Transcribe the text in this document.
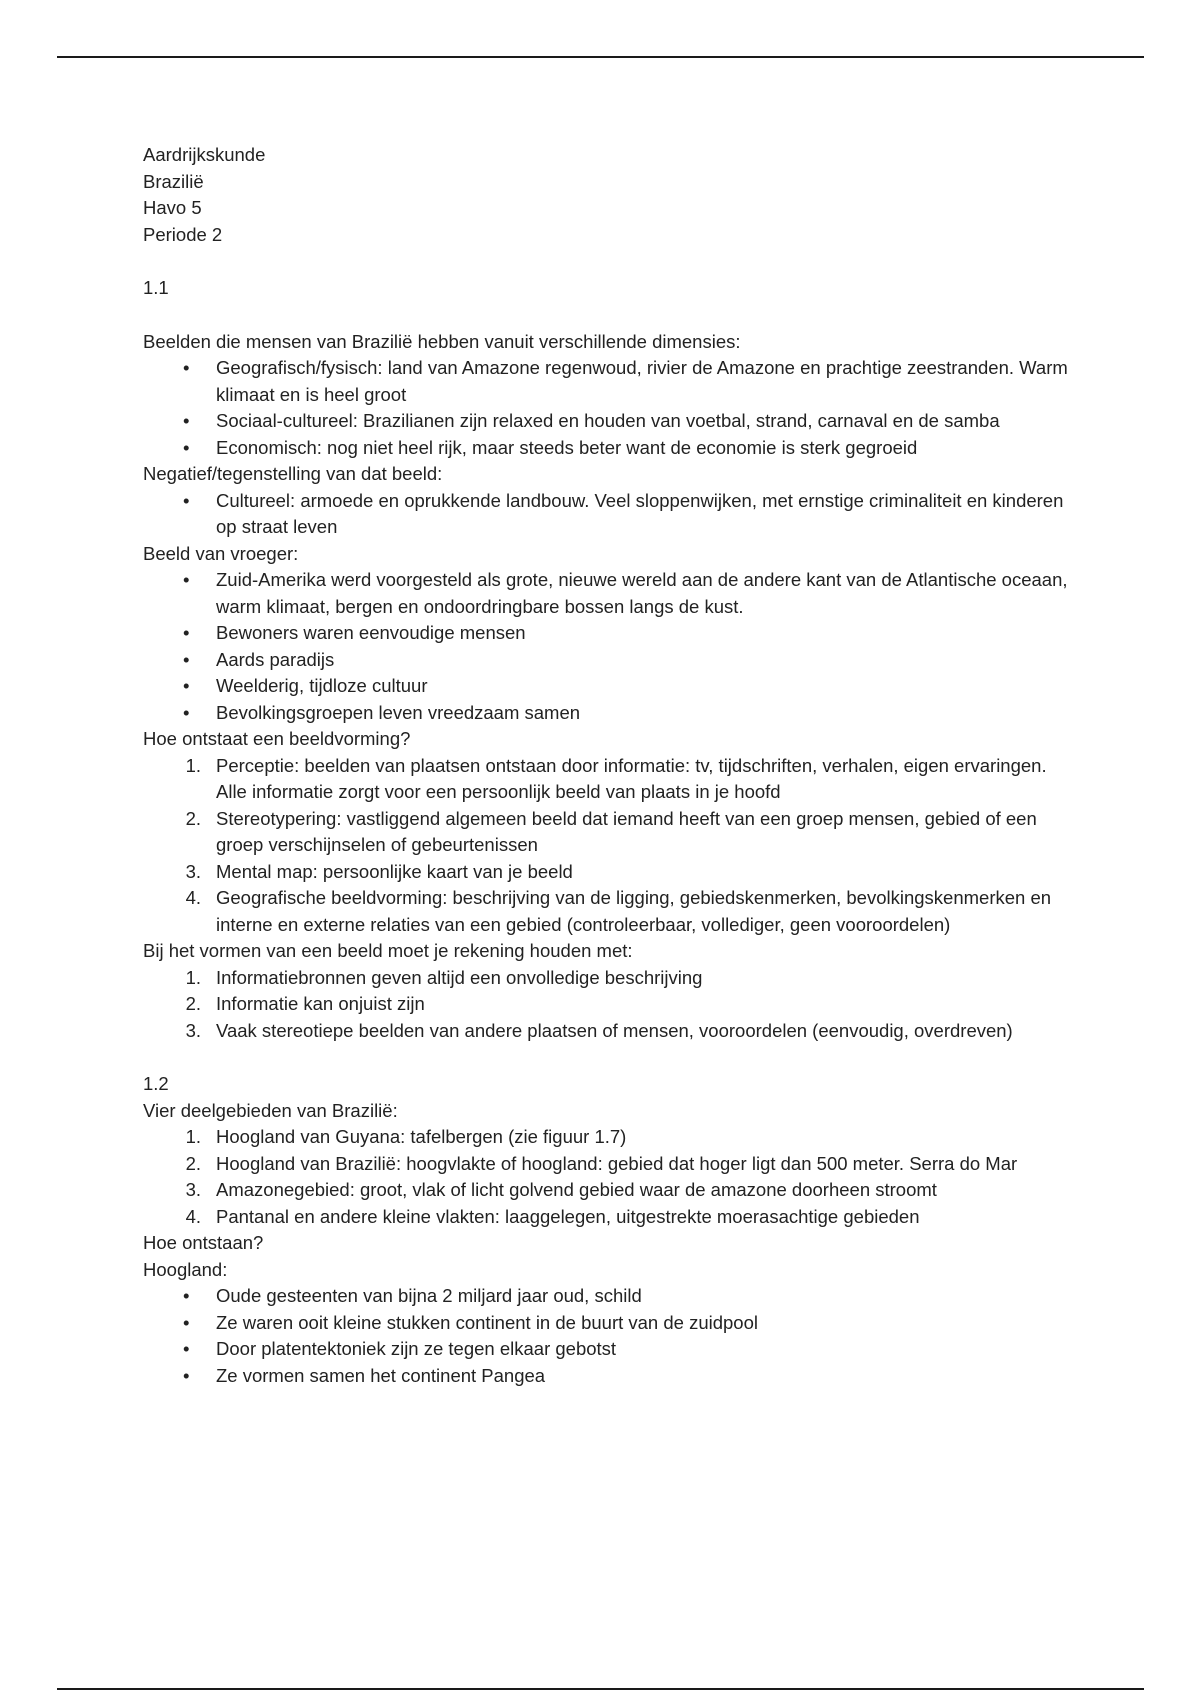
Aardrijkskunde

Brazilië

Havo 5

Periode 2

1.1

Beelden die mensen van Brazilië hebben vanuit verschillende dimensies:

•	Geografisch/fysisch: land van Amazone regenwoud, rivier de Amazone en prachtige zeestranden. Warm klimaat en is heel groot
•	Sociaal-cultureel: Brazilianen zijn relaxed en houden van voetbal, strand, carnaval en de samba
•	Economisch: nog niet heel rijk, maar steeds beter want de economie is sterk gegroeid

Negatief/tegenstelling van dat beeld:

•	Cultureel: armoede en oprukkende landbouw. Veel sloppenwijken, met ernstige criminaliteit en kinderen op straat leven

Beeld van vroeger:

•	Zuid-Amerika werd voorgesteld als grote, nieuwe wereld aan de andere kant van de Atlantische oceaan, warm klimaat, bergen en ondoordringbare bossen langs de kust.
•	Bewoners waren eenvoudige mensen
•	Aards paradijs
•	Weelderig, tijdloze cultuur
•	Bevolkingsgroepen leven vreedzaam samen

Hoe ontstaat een beeldvorming?

1. Perceptie: beelden van plaatsen ontstaan door informatie: tv, tijdschriften, verhalen, eigen ervaringen. Alle informatie zorgt voor een persoonlijk beeld van plaats in je hoofd
2. Stereotypering: vastliggend algemeen beeld dat iemand heeft van een groep mensen, gebied of een groep verschijnselen of gebeurtenissen
3. Mental map: persoonlijke kaart van je beeld
4. Geografische beeldvorming: beschrijving van de ligging, gebiedskenmerken, bevolkingskenmerken en interne en externe relaties van een gebied (controleerbaar, vollediger, geen vooroordelen)

Bij het vormen van een beeld moet je rekening houden met:

1. Informatiebronnen geven altijd een onvolledige beschrijving
2. Informatie kan onjuist zijn
3. Vaak stereotiepe beelden van andere plaatsen of mensen, vooroordelen (eenvoudig, overdreven)

1.2

Vier deelgebieden van Brazilië:

1. Hoogland van Guyana: tafelbergen (zie figuur 1.7)
2. Hoogland van Brazilië: hoogvlakte of hoogland: gebied dat hoger ligt dan 500 meter. Serra do Mar
3. Amazonegebied: groot, vlak of licht golvend gebied waar de amazone doorheen stroomt
4. Pantanal en andere kleine vlakten: laaggelegen, uitgestrekte moerasachtige gebieden

Hoe ontstaan?

Hoogland:

•	Oude gesteenten van bijna 2 miljard jaar oud, schild
•	Ze waren ooit kleine stukken continent in de buurt van de zuidpool
•	Door platentektoniek zijn ze tegen elkaar gebotst
•	Ze vormen samen het continent Pangea
